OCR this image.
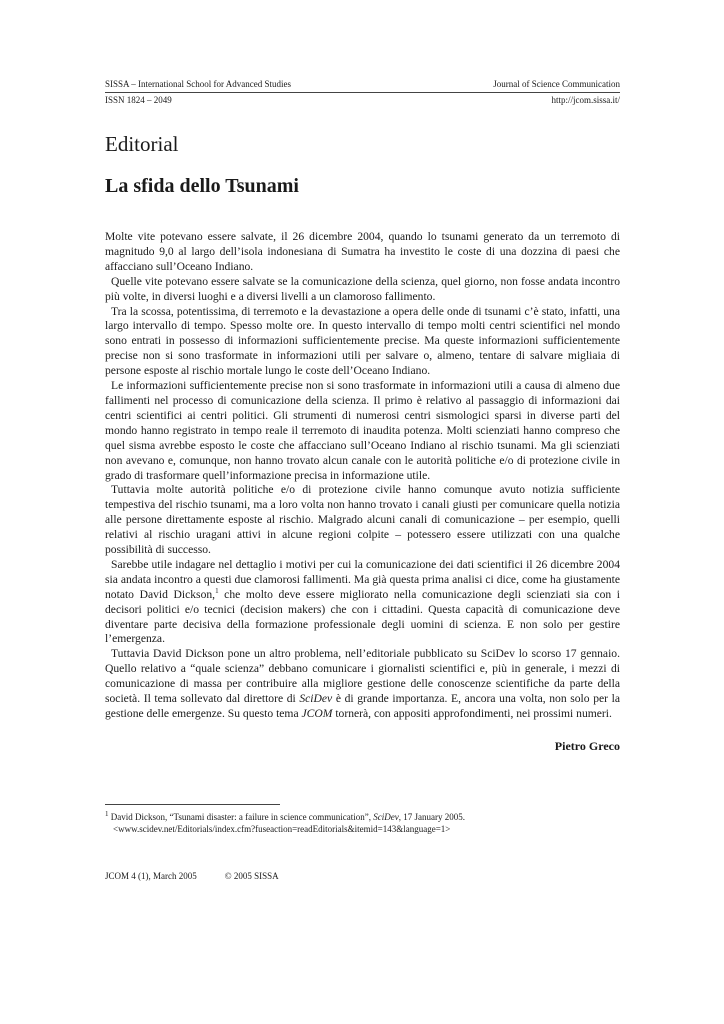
SISSA – International School for Advanced Studies	Journal of Science Communication
ISSN 1824 – 2049	http://jcom.sissa.it/
Editorial
La sfida dello Tsunami

Molte vite potevano essere salvate, il 26 dicembre 2004, quando lo tsunami generato da un terremoto di magnitudo 9,0 al largo dell’isola indonesiana di Sumatra ha investito le coste di una dozzina di paesi che affacciano sull’Oceano Indiano.

Quelle vite potevano essere salvate se la comunicazione della scienza, quel giorno, non fosse andata incontro più volte, in diversi luoghi e a diversi livelli a un clamoroso fallimento.

Tra la scossa, potentissima, di terremoto e la devastazione a opera delle onde di tsunami c’è stato, infatti, una largo intervallo di tempo. Spesso molte ore. In questo intervallo di tempo molti centri scientifici nel mondo sono entrati in possesso di informazioni sufficientemente precise. Ma queste informazioni sufficientemente precise non si sono trasformate in informazioni utili per salvare o, almeno, tentare di salvare migliaia di persone esposte al rischio mortale lungo le coste dell’Oceano Indiano.

Le informazioni sufficientemente precise non si sono trasformate in informazioni utili a causa di almeno due fallimenti nel processo di comunicazione della scienza. Il primo è relativo al passaggio di informazioni dai centri scientifici ai centri politici. Gli strumenti di numerosi centri sismologici sparsi in diverse parti del mondo hanno registrato in tempo reale il terremoto di inaudita potenza. Molti scienziati hanno compreso che quel sisma avrebbe esposto le coste che affacciano sull’Oceano Indiano al rischio tsunami. Ma gli scienziati non avevano e, comunque, non hanno trovato alcun canale con le autorità politiche e/o di protezione civile in grado di trasformare quell’informazione precisa in informazione utile.

Tuttavia molte autorità politiche e/o di protezione civile hanno comunque avuto notizia sufficiente tempestiva del rischio tsunami, ma a loro volta non hanno trovato i canali giusti per comunicare quella notizia alle persone direttamente esposte al rischio. Malgrado alcuni canali di comunicazione – per esempio, quelli relativi al rischio uragani attivi in alcune regioni colpite – potessero essere utilizzati con una qualche possibilità di successo.

Sarebbe utile indagare nel dettaglio i motivi per cui la comunicazione dei dati scientifici il 26 dicembre 2004 sia andata incontro a questi due clamorosi fallimenti. Ma già questa prima analisi ci dice, come ha giustamente notato David Dickson,$^1$ che molto deve essere migliorato nella comunicazione degli scienziati sia con i decisori politici e/o tecnici (decision makers) che con i cittadini. Questa capacità di comunicazione deve diventare parte decisiva della formazione professionale degli uomini di scienza. E non solo per gestire l’emergenza.

Tuttavia David Dickson pone un altro problema, nell’editoriale pubblicato su SciDev lo scorso 17 gennaio. Quello relativo a “quale scienza” debbano comunicare i giornalisti scientifici e, più in generale, i mezzi di comunicazione di massa per contribuire alla migliore gestione delle conoscenze scientifiche da parte della società. Il tema sollevato dal direttore di SciDev è di grande importanza. E, ancora una volta, non solo per la gestione delle emergenze. Su questo tema JCOM tornerà, con appositi approfondimenti, nei prossimi numeri.

Pietro Greco
$^1$ David Dickson, “Tsunami disaster: a failure in science communication”, SciDev, 17 January 2005.
<www.scidev.net/Editorials/index.cfm?fuseaction=readEditorials&itemid=143&language=1>
JCOM 4 (1), March 2005	© 2005 SISSA
